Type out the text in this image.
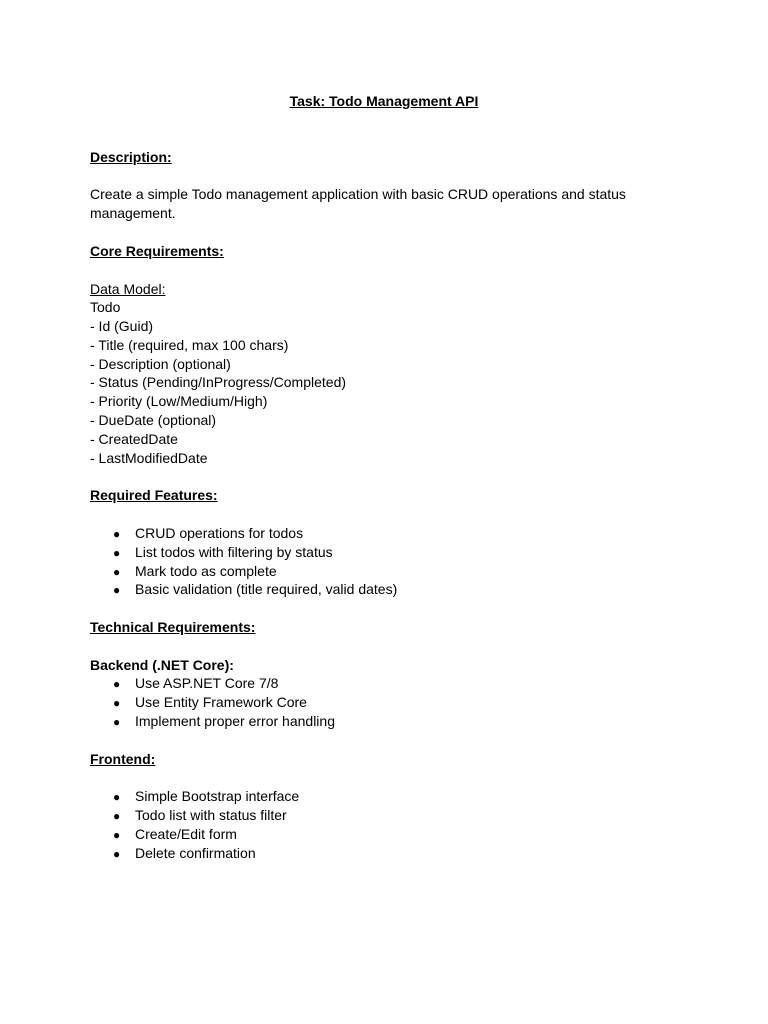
Task: Todo Management API
Description:
Create a simple Todo management application with basic CRUD operations and status management.
Core Requirements:
Data Model:
Todo
- Id (Guid)
- Title (required, max 100 chars)
- Description (optional)
- Status (Pending/InProgress/Completed)
- Priority (Low/Medium/High)
- DueDate (optional)
- CreatedDate
- LastModifiedDate
Required Features:
● CRUD operations for todos
● List todos with filtering by status
● Mark todo as complete
● Basic validation (title required, valid dates)
Technical Requirements:
Backend (.NET Core):
● Use ASP.NET Core 7/8
● Use Entity Framework Core
● Implement proper error handling
Frontend:
● Simple Bootstrap interface
● Todo list with status filter
● Create/Edit form
● Delete confirmation
